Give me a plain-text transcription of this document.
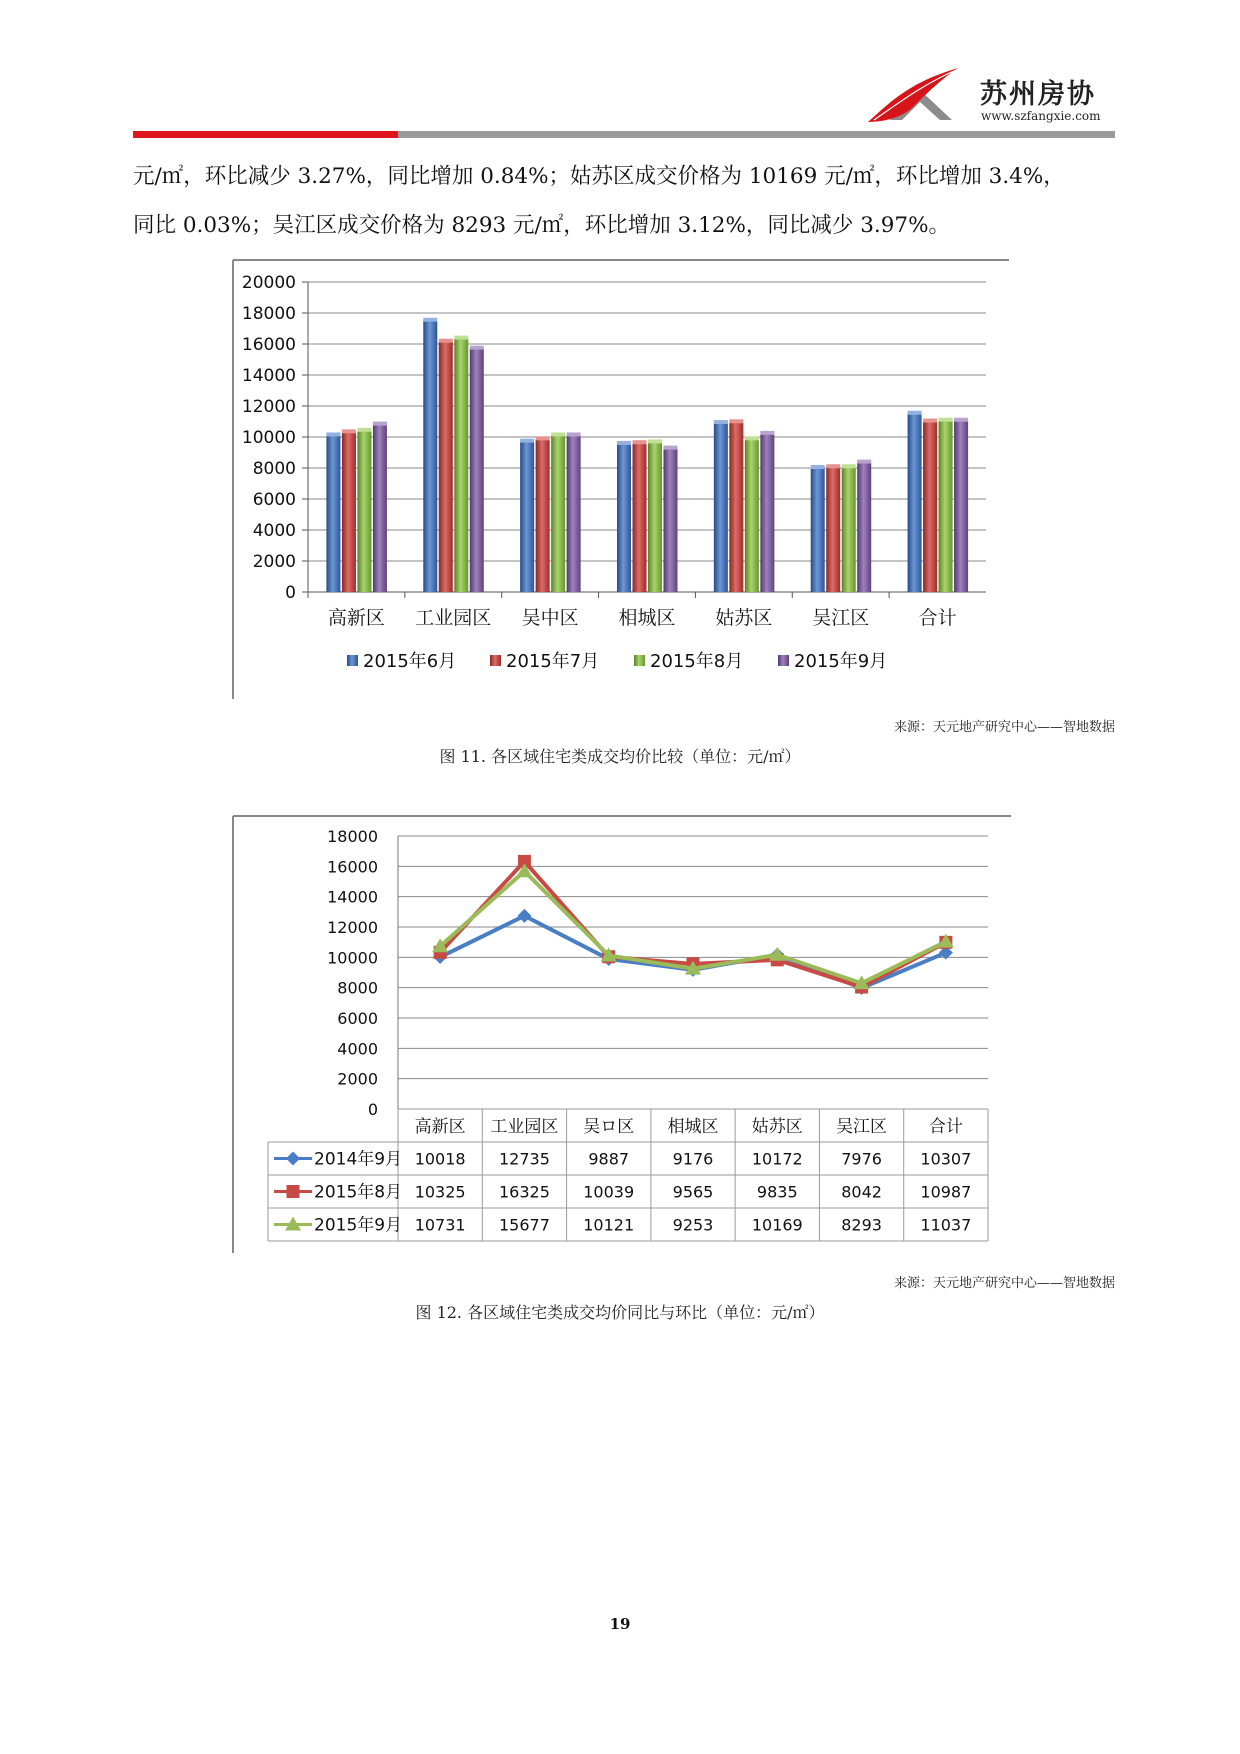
苏州房协
www.szfangxie.com
元/㎡，环比减少 3.27%，同比增加 0.84%；姑苏区成交价格为 10169 元/㎡，环比增加 3.4%，
同比 0.03%；吴江区成交价格为 8293 元/㎡，环比增加 3.12%，同比减少 3.97%。
0
2000
4000
6000
8000
10000
12000
14000
16000
18000
20000
高新区 工业园区 吴中区 相城区 姑苏区 吴江区	合计
2015年6月	2015年7月	2015年8月	2015年9月
来源：天元地产研究中心——智地数据
图 11. 各区域住宅类成交均价比较（单位：元/㎡）
0
2000
4000
6000
8000
10000
12000
14000
16000
18000
高新区 工业园区 吴ロ区 相城区 姑苏区 吴江区 合计
2014年9月 10018 12735 9887	9176 10172 7976 10307
2015年8月 10325 16325 10039 9565	9835	8042 10987
2015年9月 10731 15677 10121 9253 10169 8293 11037
来源：天元地产研究中心——智地数据
图 12. 各区域住宅类成交均价同比与环比（单位：元/㎡）
19
